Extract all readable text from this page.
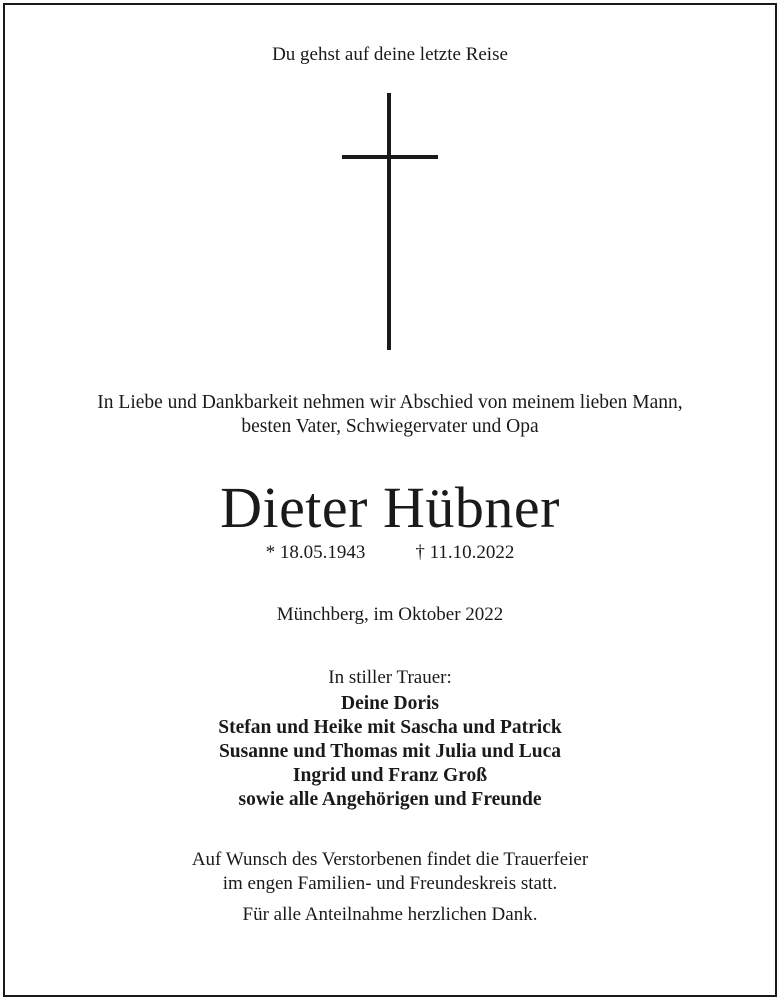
Du gehst auf deine letzte Reise
In Liebe und Dankbarkeit nehmen wir Abschied von meinem lieben Mann,
besten Vater, Schwiegervater und Opa
Dieter Hübner
* 18.05.1943	† 11.10.2022
Münchberg, im Oktober 2022
In stiller Trauer:
Deine Doris
Stefan und Heike mit Sascha und Patrick
Susanne und Thomas mit Julia und Luca
Ingrid und Franz Groß
sowie alle Angehörigen und Freunde
Auf Wunsch des Verstorbenen findet die Trauerfeier
im engen Familien- und Freundeskreis statt.
Für alle Anteilnahme herzlichen Dank.
